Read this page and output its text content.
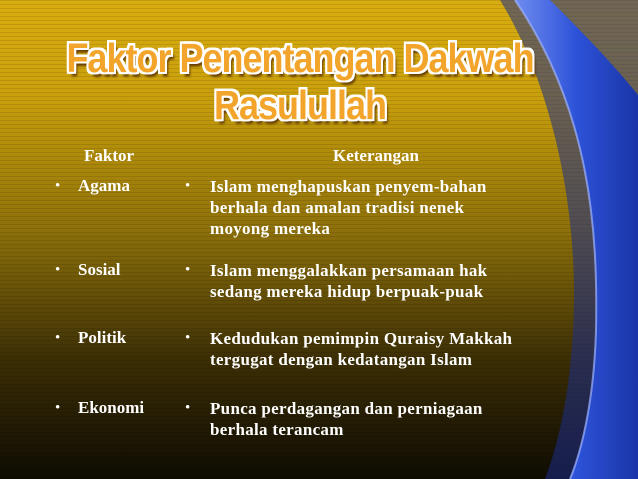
Faktor Penentangan Dakwah Rasulullah
Faktor	Keterangan
• Agama	• Islam menghapuskan penyem-bahan
berhala dan amalan tradisi nenek
moyong mereka
• Sosial	• Islam menggalakkan persamaan hak
sedang mereka hidup berpuak-puak
• Politik	• Kedudukan pemimpin Quraisy Makkah
tergugat dengan kedatangan Islam
• Ekonomi	• Punca perdagangan dan perniagaan
berhala terancam
